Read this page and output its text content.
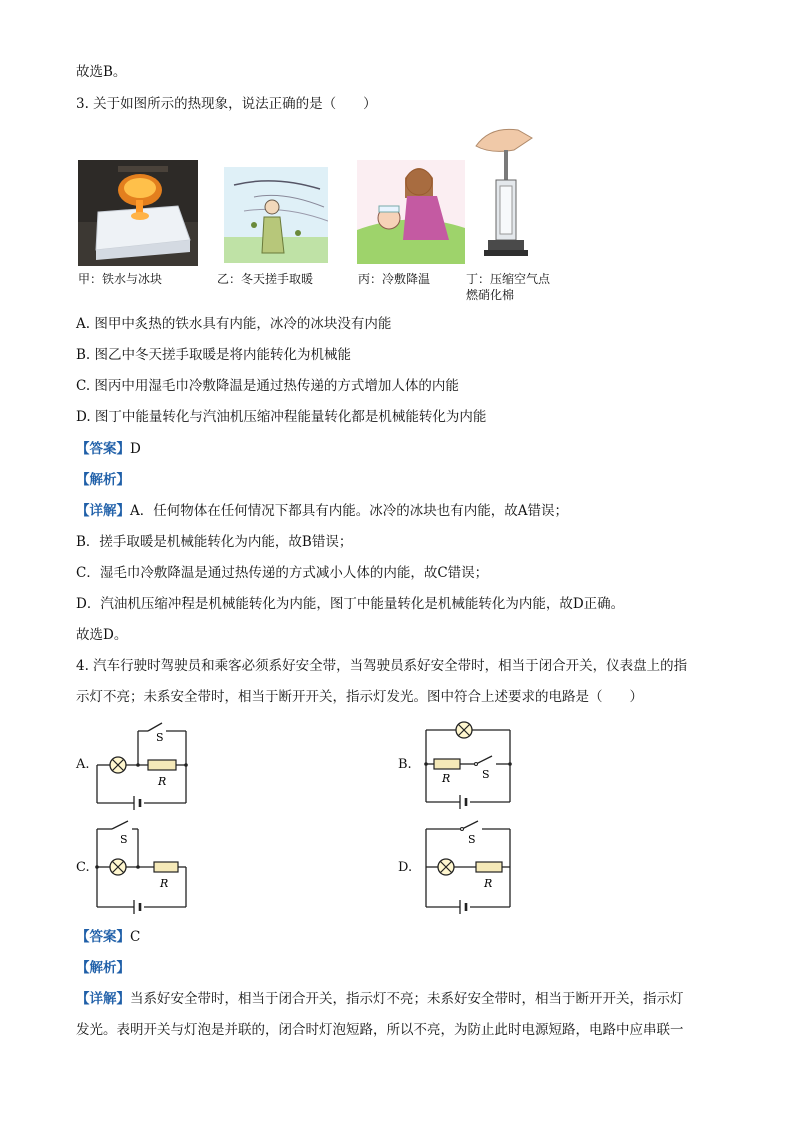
故选B。
3. 关于如图所示的热现象，说法正确的是（　　）
甲：铁水与冰块	乙：冬天搓手取暖	丙：冷敷降温	丁：压缩空气点
燃硝化棉
A. 图甲中炙热的铁水具有内能，冰冷的冰块没有内能
B. 图乙中冬天搓手取暖是将内能转化为机械能
C. 图丙中用湿毛巾冷敷降温是通过热传递的方式增加人体的内能
D. 图丁中能量转化与汽油机压缩冲程能量转化都是机械能转化为内能
【答案】D
【解析】
【详解】A．任何物体在任何情况下都具有内能。冰冷的冰块也有内能，故A错误；
B．搓手取暖是机械能转化为内能，故B错误；
C．湿毛巾冷敷降温是通过热传递的方式减小人体的内能，故C错误；
D．汽油机压缩冲程是机械能转化为内能，图丁中能量转化是机械能转化为内能，故D正确。
故选D。
4. 汽车行驶时驾驶员和乘客必须系好安全带，当驾驶员系好安全带时，相当于闭合开关，仪表盘上的指
示灯不亮；未系安全带时，相当于断开开关，指示灯发光。图中符合上述要求的电路是（　　）
A.
S
R
B.
S
R
C.
S
R
D.
S
R
【答案】C
【解析】
【详解】当系好安全带时，相当于闭合开关，指示灯不亮；未系好安全带时，相当于断开开关，指示灯
发光。表明开关与灯泡是并联的，闭合时灯泡短路，所以不亮，为防止此时电源短路，电路中应串联一
